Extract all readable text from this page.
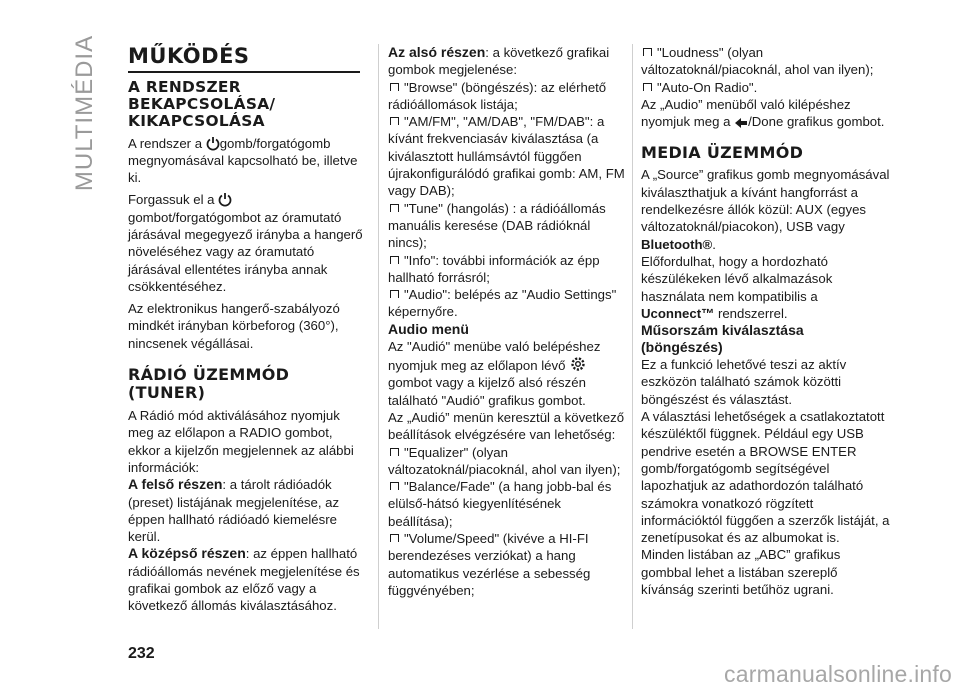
MULTIMÉDIA MŰKÖDÉS
A RENDSZER BEKAPCSOLÁSA/ KIKAPCSOLÁSA

A rendszer a gomb/forgatógomb megnyomásával kapcsolható be, illetve ki.

Forgassuk el a
gombot/forgatógombot az óramutató járásával megegyező irányba a hangerő növeléséhez vagy az óramutató járásával ellentétes irányba annak csökkentéséhez.

Az elektronikus hangerő-szabályozó mindkét irányban körbeforog (360°), nincsenek végállásai.

RÁDIÓ ÜZEMMÓD (TUNER)

A Rádió mód aktiválásához nyomjuk meg az előlapon a RADIO gombot, ekkor a kijelzőn megjelennek az alábbi információk:

A felső részen: a tárolt rádióadók (preset) listájának megjelenítése, az éppen hallható rádióadó kiemelésre kerül.

A középső részen: az éppen hallható rádióállomás nevének megjelenítése és grafikai gombok az előző vagy a következő állomás kiválasztásához.

Az alsó részen: a következő grafikai gombok megjelenése:

"Browse" (böngészés): az elérhető rádióállomások listája;

"AM/FM", "AM/DAB", "FM/DAB": a kívánt frekvenciasáv kiválasztása (a kiválasztott hullámsávtól függően újrakonfigurálódó grafikai gomb: AM, FM vagy DAB);

"Tune" (hangolás) : a rádióállomás manuális keresése (DAB rádióknál nincs);

"Info": további információk az épp hallható forrásról;

"Audio": belépés az "Audio Settings" képernyőre.

Audio menü

Az "Audió" menübe való belépéshez nyomjuk meg az előlapon lévő

gombot vagy a kijelző alsó részén található "Audió" grafikus gombot.

Az „Audió” menün keresztül a következő beállítások elvégzésére van lehetőség:

"Equalizer" (olyan változatoknál/piacoknál, ahol van ilyen);

"Balance/Fade" (a hang jobb-bal és elülső-hátsó kiegyenlítésének beállítása);

"Volume/Speed" (kivéve a HI-FI berendezéses verziókat) a hang automatikus vezérlése a sebesség függvényében;

"Loudness" (olyan változatoknál/piacoknál, ahol van ilyen);

"Auto-On Radio".

Az „Audio” menüből való kilépéshez nyomjuk meg a /Done grafikus gombot.

MEDIA ÜZEMMÓD

A „Source” grafikus gomb megnyomásával kiválaszthatjuk a kívánt hangforrást a rendelkezésre állók közül: AUX (egyes változatoknál/piacokon), USB vagy Bluetooth®.

Előfordulhat, hogy a hordozható készülékeken lévő alkalmazások használata nem kompatibilis a Uconnect™ rendszerrel.

Műsorszám kiválasztása (böngészés)

Ez a funkció lehetővé teszi az aktív eszközön található számok közötti böngészést és választást.

A választási lehetőségek a csatlakoztatott készüléktől függnek. Például egy USB pendrive esetén a BROWSE ENTER gomb/forgatógomb segítségével lapozhatjuk az adathordozón található számokra vonatkozó rögzített információktól függően a szerzők listáját, a zenetípusokat és az albumokat is.

Minden listában az „ABC” grafikus gombbal lehet a listában szereplő kívánság szerinti betűhöz ugrani.

232
carmanualsonline.info
